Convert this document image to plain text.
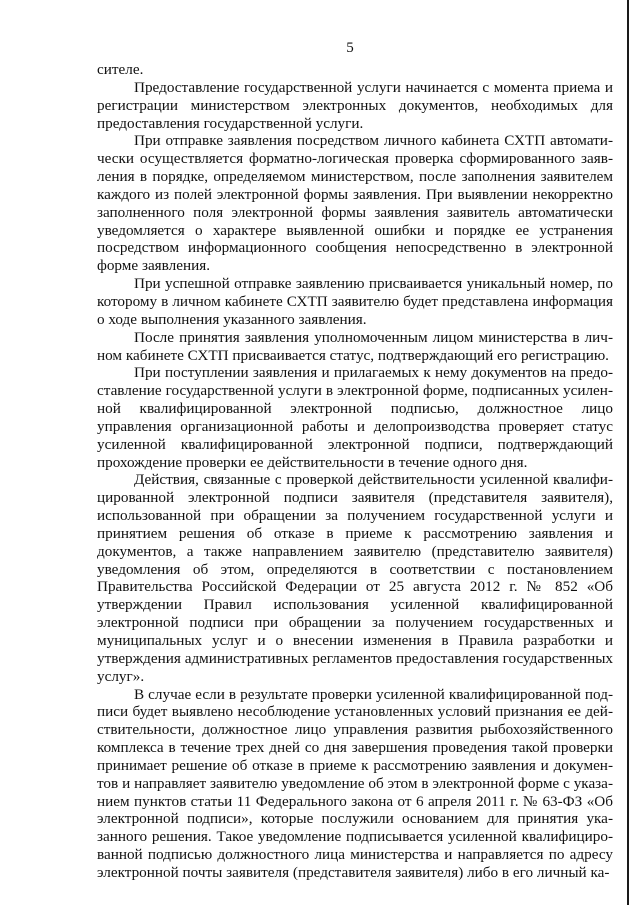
5

сителе.

Предоставление государственной услуги начинается с момента приема и регистрации министерством электронных документов, необходимых для предоставления государственной услуги.

При отправке заявления посредством личного кабинета СХТП автоматически осуществляется форматно-логическая проверка сформированного заявления в порядке, определяемом министерством, после заполнения заявителем каждого из полей электронной формы заявления. При выявлении некорректно заполненного поля электронной формы заявления заявитель автоматически уведомляется о характере выявленной ошибки и порядке ее устранения посредством информационного сообщения непосредственно в электронной форме заявления.

При успешной отправке заявлению присваивается уникальный номер, по которому в личном кабинете СХТП заявителю будет представлена информация о ходе выполнения указанного заявления.

После принятия заявления уполномоченным лицом министерства в личном кабинете СХТП присваивается статус, подтверждающий его регистрацию.

При поступлении заявления и прилагаемых к нему документов на предоставление государственной услуги в электронной форме, подписанных усиленной квалифицированной электронной подписью, должностное лицо управления организационной работы и делопроизводства проверяет статус усиленной квалифицированной электронной подписи, подтверждающий прохождение проверки ее действительности в течение одного дня.

Действия, связанные с проверкой действительности усиленной квалифицированной электронной подписи заявителя (представителя заявителя), использованной при обращении за получением государственной услуги и принятием решения об отказе в приеме к рассмотрению заявления и документов, а также направлением заявителю (представителю заявителя) уведомления об этом, определяются в соответствии с постановлением Правительства Российской Федерации от 25 августа 2012 г. № 852 «Об утверждении Правил использования усиленной квалифицированной электронной подписи при обращении за получением государственных и муниципальных услуг и о внесении изменения в Правила разработки и утверждения административных регламентов предоставления государственных услуг».

В случае если в результате проверки усиленной квалифицированной подписи будет выявлено несоблюдение установленных условий признания ее действительности, должностное лицо управления развития рыбохозяйственного комплекса в течение трех дней со дня завершения проведения такой проверки принимает решение об отказе в приеме к рассмотрению заявления и документов и направляет заявителю уведомление об этом в электронной форме с указанием пунктов статьи 11 Федерального закона от 6 апреля 2011 г. № 63-ФЗ «Об электронной подписи», которые послужили основанием для принятия указанного решения. Такое уведомление подписывается усиленной квалифицированной подписью должностного лица министерства и направляется по адресу электронной почты заявителя (представителя заявителя) либо в его личный ка-
